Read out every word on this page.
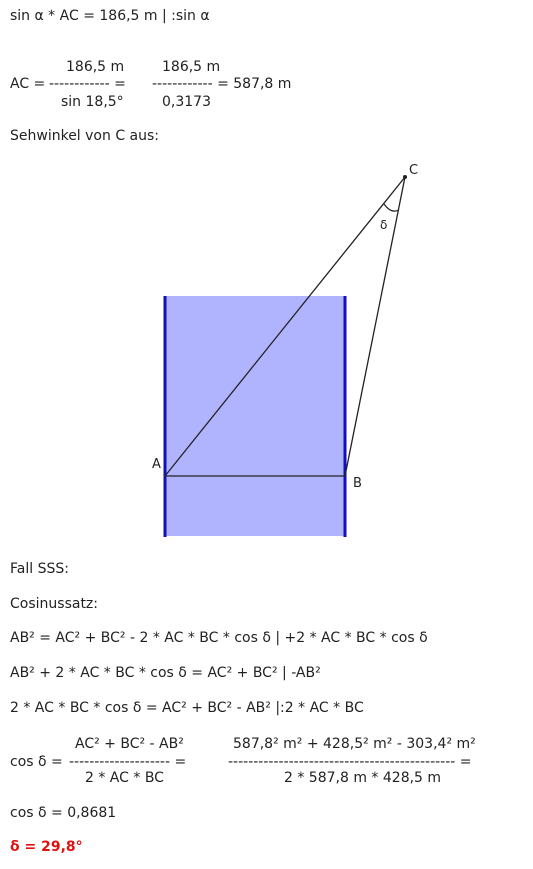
sin α * AC = 186,5 m | :sin α
AC =
186,5 m
------------ =
sin 18,5°
186,5 m
------------ = 587,8 m
0,3173
Sehwinkel von C aus:
A
B
C
δ
Fall SSS:
Cosinussatz:
AB² = AC² + BC² - 2 * AC * BC * cos δ | +2 * AC * BC * cos δ
AB² + 2 * AC * BC * cos δ = AC² + BC² | -AB²
2 * AC * BC * cos δ = AC² + BC² - AB² |:2 * AC * BC
cos δ =
AC² + BC² - AB²
-------------------- =
2 * AC * BC
587,8² m² + 428,5² m² - 303,4² m²
--------------------------------------------- =
2 * 587,8 m * 428,5 m
cos δ = 0,8681
δ = 29,8°
